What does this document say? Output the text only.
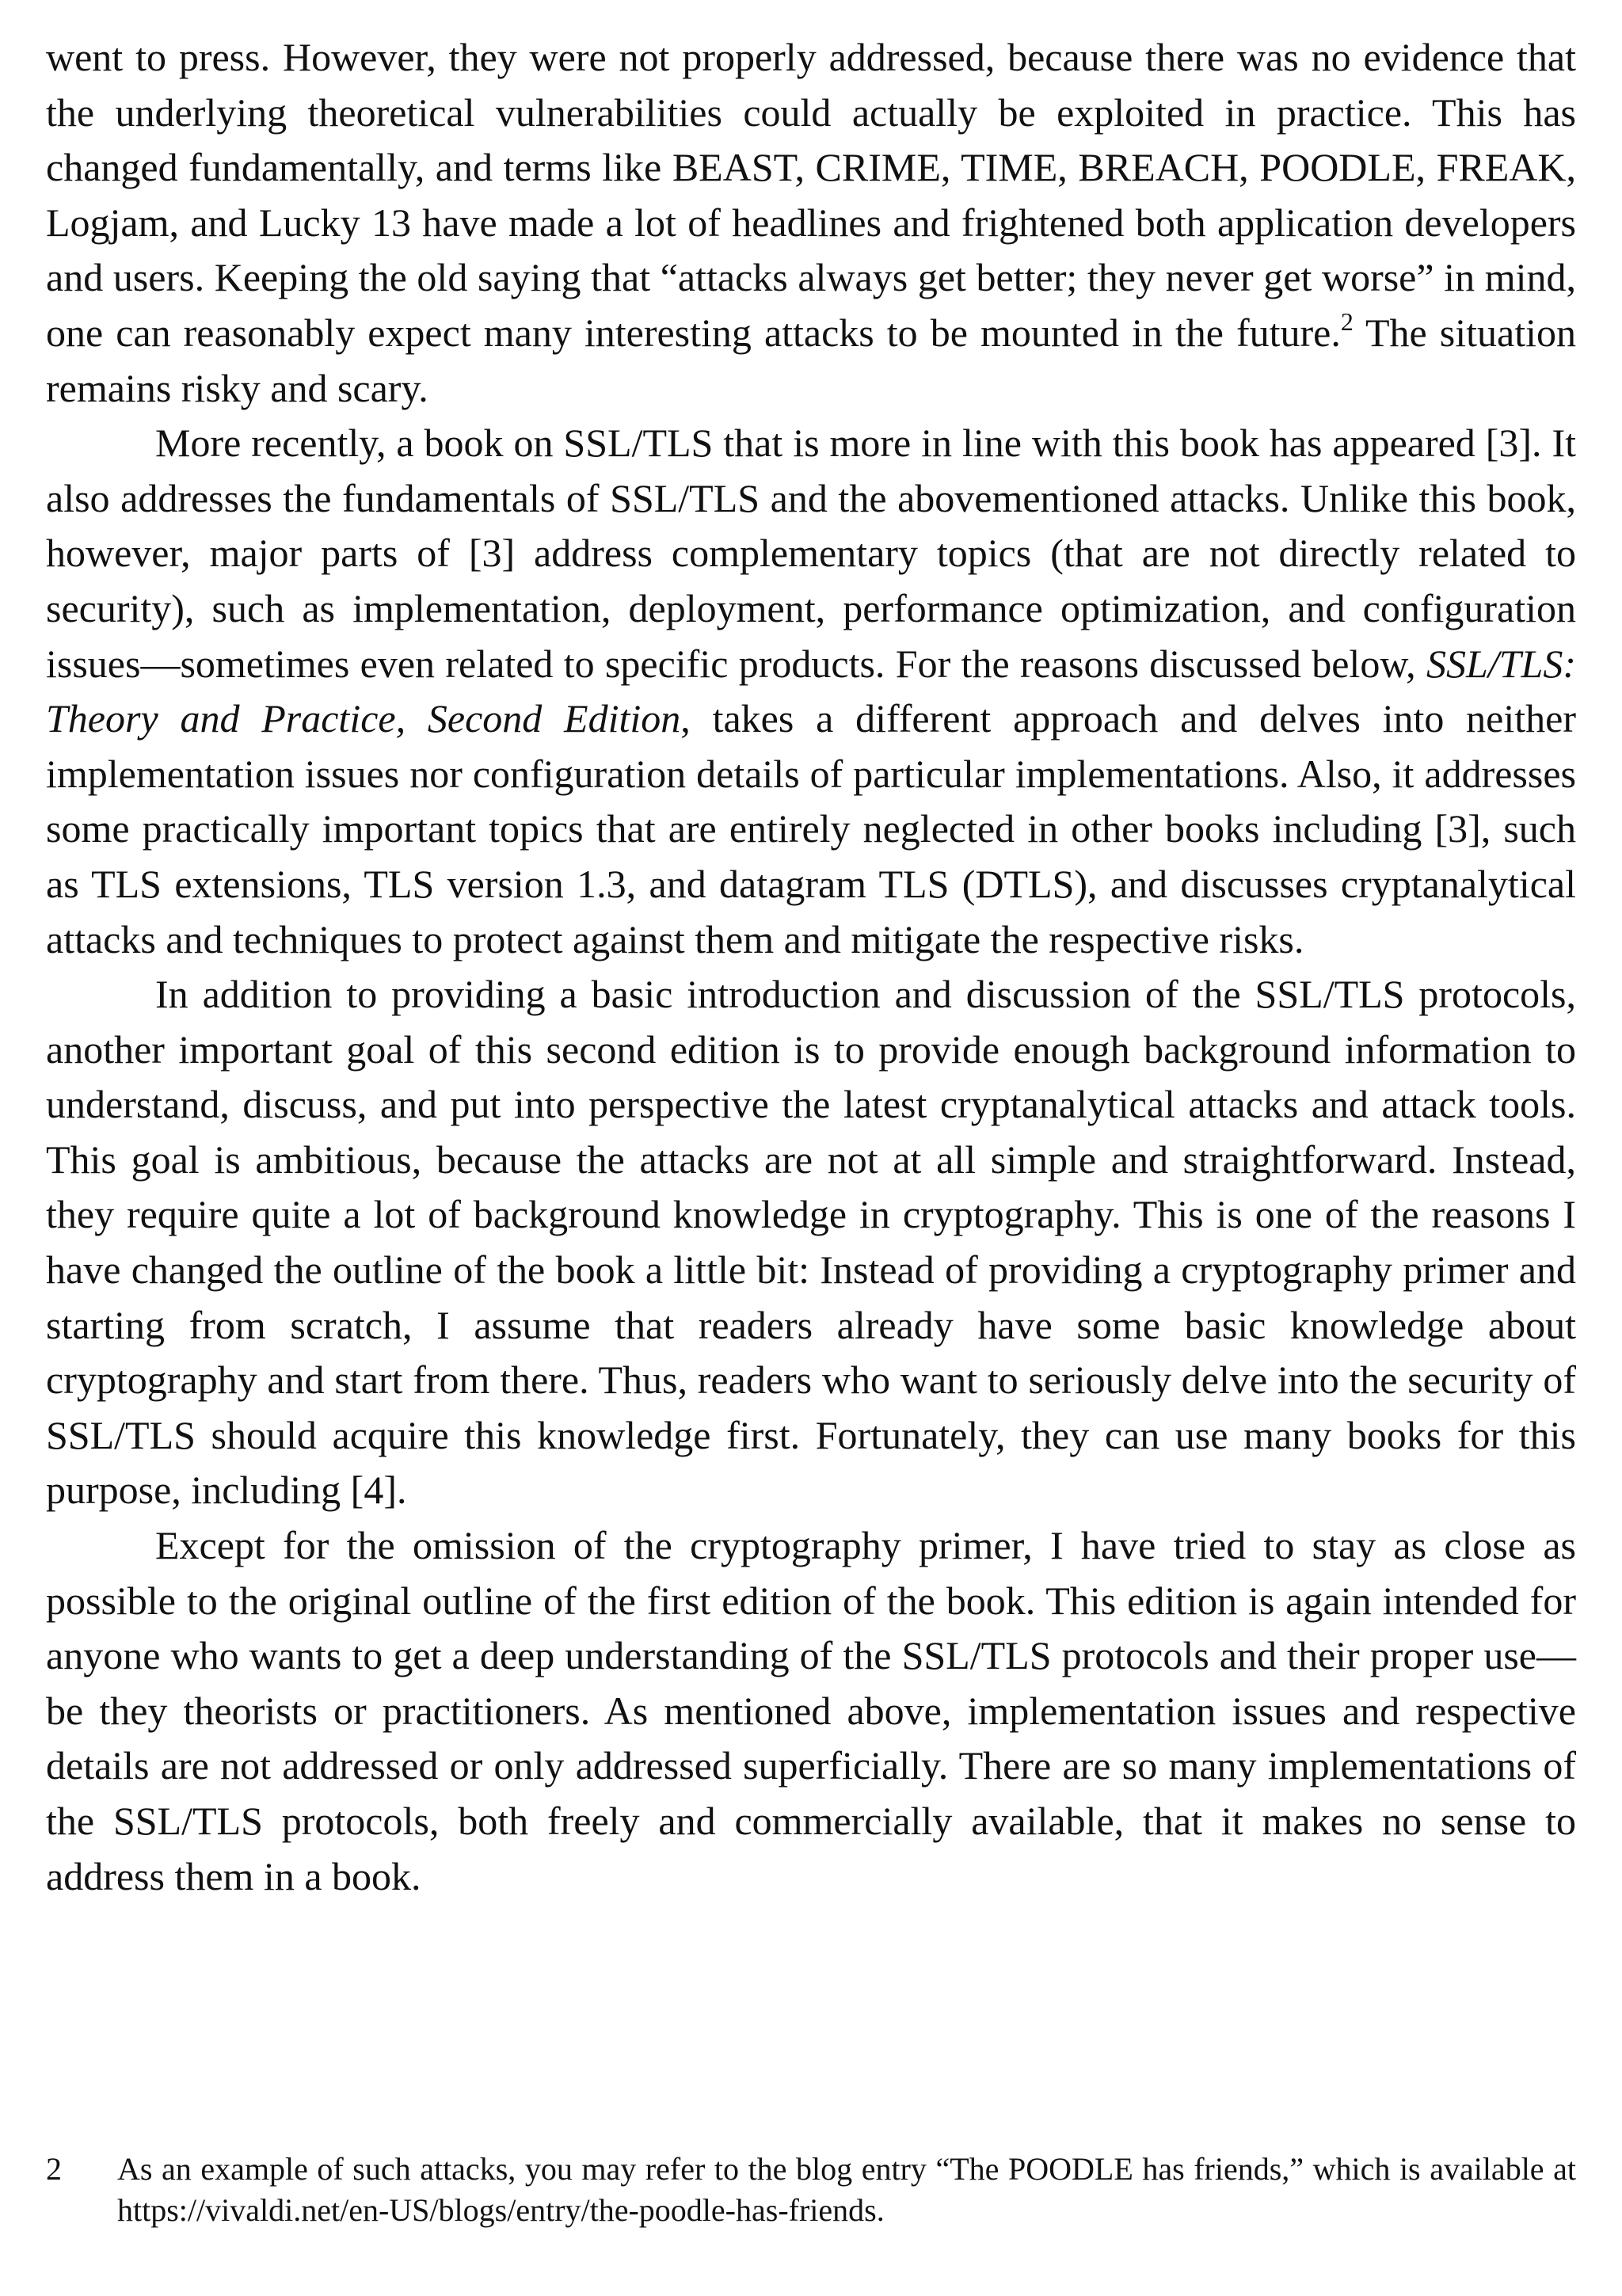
went to press. However, they were not properly addressed, because there was no evidence that the underlying theoretical vulnerabilities could actually be exploited in practice. This has changed fundamentally, and terms like BEAST, CRIME, TIME, BREACH, POODLE, FREAK, Logjam, and Lucky 13 have made a lot of headlines and frightened both application developers and users. Keeping the old saying that “attacks always get better; they never get worse” in mind, one can reasonably expect many interesting attacks to be mounted in the future.$^2$ The situation remains risky and scary.

More recently, a book on SSL/TLS that is more in line with this book has appeared [3]. It also addresses the fundamentals of SSL/TLS and the abovementioned attacks. Unlike this book, however, major parts of [3] address complementary topics (that are not directly related to security), such as implementation, deployment, performance optimization, and configuration issues—sometimes even related to specific products. For the reasons discussed below, SSL/TLS: Theory and Practice, Second Edition, takes a different approach and delves into neither implementation issues nor configuration details of particular implementations. Also, it addresses some practically important topics that are entirely neglected in other books including [3], such as TLS extensions, TLS version 1.3, and datagram TLS (DTLS), and discusses cryptanalytical attacks and techniques to protect against them and mitigate the respective risks.

In addition to providing a basic introduction and discussion of the SSL/TLS protocols, another important goal of this second edition is to provide enough background information to understand, discuss, and put into perspective the latest cryptanalytical attacks and attack tools. This goal is ambitious, because the attacks are not at all simple and straightforward. Instead, they require quite a lot of background knowledge in cryptography. This is one of the reasons I have changed the outline of the book a little bit: Instead of providing a cryptography primer and starting from scratch, I assume that readers already have some basic knowledge about cryptography and start from there. Thus, readers who want to seriously delve into the security of SSL/TLS should acquire this knowledge first. Fortunately, they can use many books for this purpose, including [4].

Except for the omission of the cryptography primer, I have tried to stay as close as possible to the original outline of the first edition of the book. This edition is again intended for anyone who wants to get a deep understanding of the SSL/TLS protocols and their proper use—be they theorists or practitioners. As mentioned above, implementation issues and respective details are not addressed or only addressed superficially. There are so many implementations of the SSL/TLS protocols, both freely and commercially available, that it makes no sense to address them in a book.

2	As an example of such attacks, you may refer to the blog entry “The POODLE has friends,” which is available at https://vivaldi.net/en-US/blogs/entry/the-poodle-has-friends.
